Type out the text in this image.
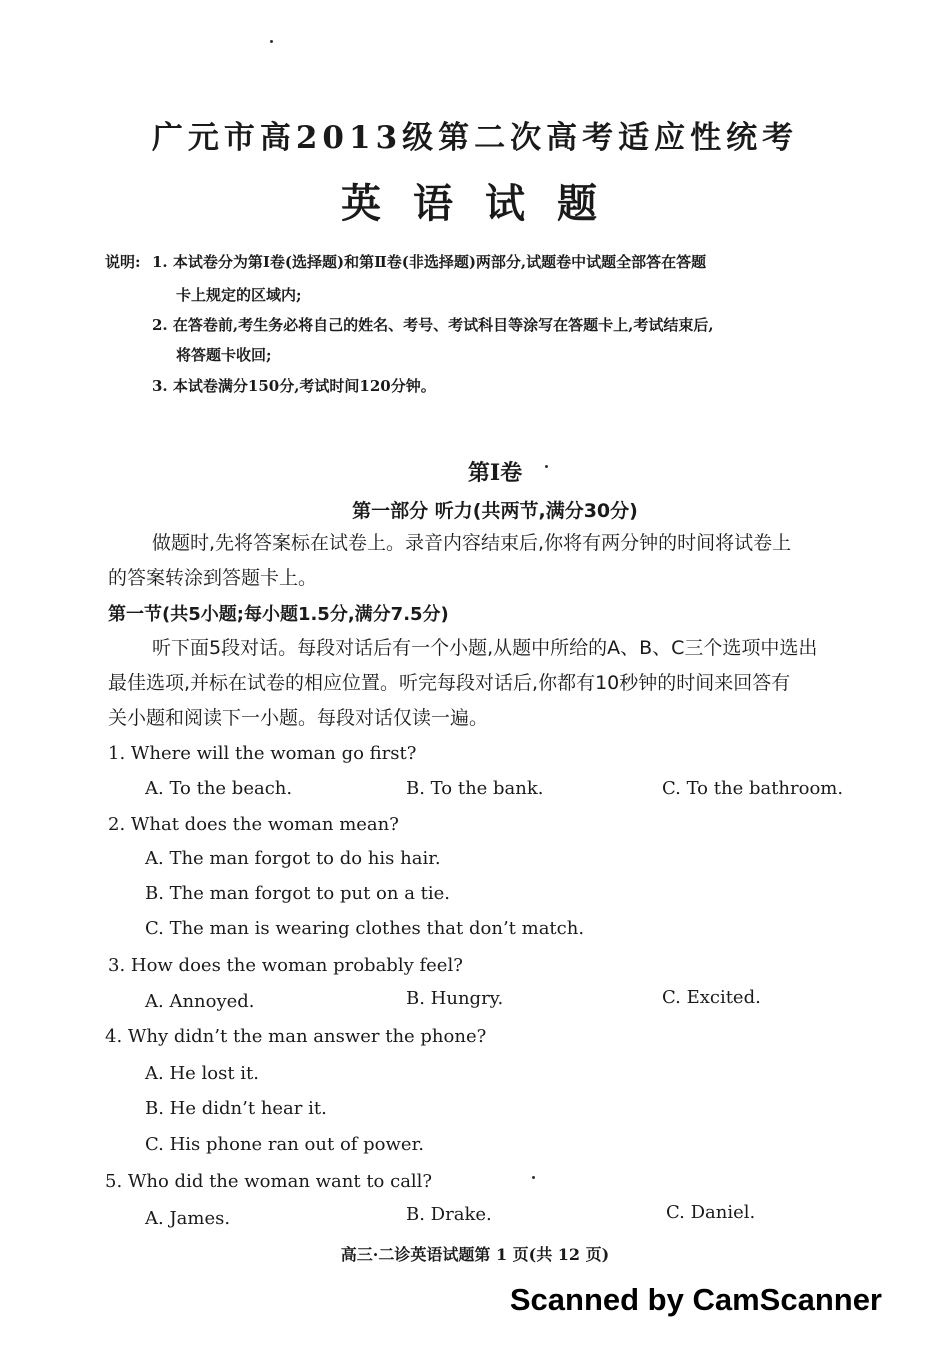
广元市高2013级第二次高考适应性统考
英语试题
说明: 1. 本试卷分为第Ⅰ卷(选择题)和第Ⅱ卷(非选择题)两部分,试题卷中试题全部答在答题
卡上规定的区域内;
2. 在答卷前,考生务必将自己的姓名、考号、考试科目等涂写在答题卡上,考试结束后,
将答题卡收回;
3. 本试卷满分150分,考试时间120分钟。
第Ⅰ卷
第一部分 听力(共两节,满分30分)
做题时,先将答案标在试卷上。录音内容结束后,你将有两分钟的时间将试卷上
的答案转涂到答题卡上。
第一节(共5小题;每小题1.5分,满分7.5分)
听下面5段对话。每段对话后有一个小题,从题中所给的A、B、C三个选项中选出
最佳选项,并标在试卷的相应位置。听完每段对话后,你都有10秒钟的时间来回答有
关小题和阅读下一小题。每段对话仅读一遍。
1. Where will the woman go first?
A. To the beach.	B. To the bank.	C. To the bathroom.
2. What does the woman mean?
A. The man forgot to do his hair.
B. The man forgot to put on a tie.
C. The man is wearing clothes that don’t match.
3. How does the woman probably feel?
A. Annoyed.	B. Hungry.	C. Excited.
4. Why didn’t the man answer the phone?
A. He lost it.
B. He didn’t hear it.
C. His phone ran out of power.
5. Who did the woman want to call?
A. James.	B. Drake.	C. Daniel.
高三·二诊英语试题第 1 页(共 12 页)
Scanned by CamScanner
